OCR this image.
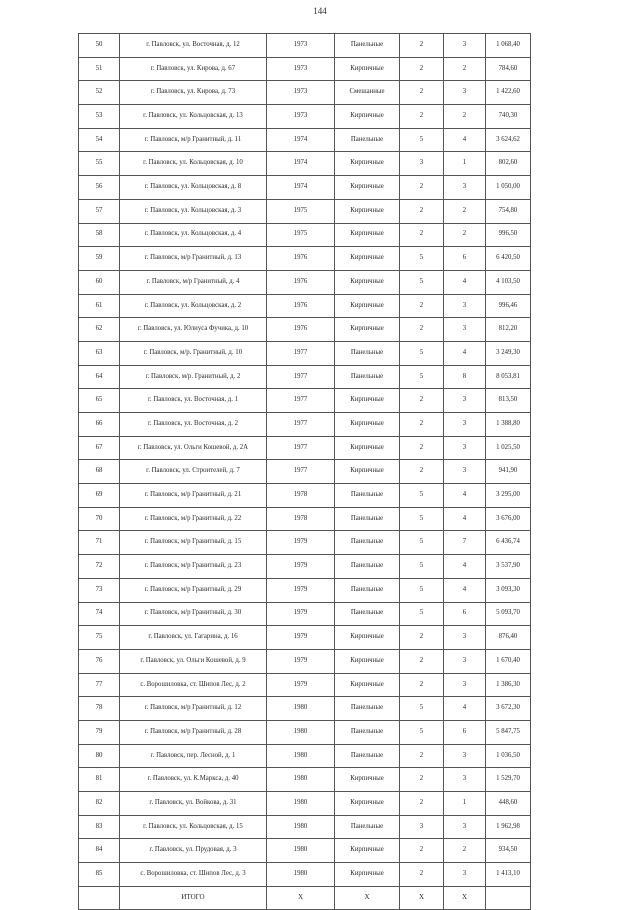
144
50	г. Павловск, ул. Восточная, д. 12	1973	Панельные	2	3	1 068,40
51	г. Павловск, ул. Кирова, д. 67	1973	Кирпичные	2	2	784,60
52	г. Павловск, ул. Кирова, д. 73	1973	Смешанные	2	3	1 422,60
53	г. Павловск, ул. Кольцовская, д. 13	1973	Кирпичные	2	2	740,30
54	г. Павловск, м/р Гранитный, д. 11	1974	Панельные	5	4	3 624,62
55	г. Павловск, ул. Кольцовская, д. 10	1974	Кирпичные	3	1	802,60
56	г. Павловск, ул. Кольцовская, д. 8	1974	Кирпичные	2	3	1 050,00
57	г. Павловск, ул. Кольцовская, д. 3	1975	Кирпичные	2	2	754,80
58	г. Павловск, ул. Кольцовская, д. 4	1975	Кирпичные	2	2	996,50
59	г. Павловск, м/р Гранитный, д. 13	1976	Кирпичные	5	6	6 420,50
60	г. Павловск, м/р Гранитный, д. 4	1976	Кирпичные	5	4	4 103,50
61	г. Павловск, ул. Кольцовская, д. 2	1976	Кирпичные	2	3	996,46
62	г. Павловск, ул. Юлиуса Фучика, д. 10	1976	Кирпичные	2	3	812,20
63	г. Павловск, м/р. Гранитный, д. 10	1977	Панельные	5	4	3 249,30
64	г. Павловск, м/р. Гранитный, д. 2	1977	Панельные	5	8	8 053,81
65	г. Павловск, ул. Восточная, д. 1	1977	Кирпичные	2	3	813,50
66	г. Павловск, ул. Восточная, д. 2	1977	Кирпичные	2	3	1 388,80
67	г. Павловск, ул. Ольги Кошевой, д. 2А	1977	Кирпичные	2	3	1 025,50
68	г. Павловск, ул. Строителей, д. 7	1977	Кирпичные	2	3	941,90
69	г. Павловск, м/р Гранитный, д. 21	1978	Панельные	5	4	3 295,00
70	г. Павловск, м/р Гранитный, д. 22	1978	Панельные	5	4	3 676,00
71	г. Павловск, м/р Гранитный, д. 15	1979	Панельные	5	7	6 436,74
72	г. Павловск, м/р Гранитный, д. 23	1979	Панельные	5	4	3 537,90
73	г. Павловск, м/р Гранитный, д. 29	1979	Панельные	5	4	3 093,30
74	г. Павловск, м/р Гранитный, д. 30	1979	Панельные	5	6	5 093,70
75	г. Павловск, ул. Гагарина, д. 16	1979	Кирпичные	2	3	876,40
76	г. Павловск, ул. Ольги Кошевой, д. 9	1979	Кирпичные	2	3	1 670,40
77	с. Ворошиловка, ст. Шипов Лес, д. 2	1979	Кирпичные	2	3	1 386,30
78	г. Павловск, м/р Гранитный, д. 12	1980	Панельные	5	4	3 672,30
79	г. Павловск, м/р Гранитный, д. 28	1980	Панельные	5	6	5 847,75
80	г. Павловск, пер. Лесной, д. 1	1980	Панельные	2	3	1 036,50
81	г. Павловск, ул. К.Маркса, д. 40	1980	Кирпичные	2	3	1 529,70
82	г. Павловск, ул. Войкова, д. 31	1980	Кирпичные	2	1	448,60
83	г. Павловск, ул. Кольцовская, д. 15	1980	Панельные	3	3	1 962,98
84	г. Павловск, ул. Прудовая, д. 3	1980	Кирпичные	2	2	934,50
85	с. Ворошиловка, ст. Шипов Лес, д. 3	1980	Кирпичные	2	3	1 413,10
	ИТОГО	X	X	X	X	
